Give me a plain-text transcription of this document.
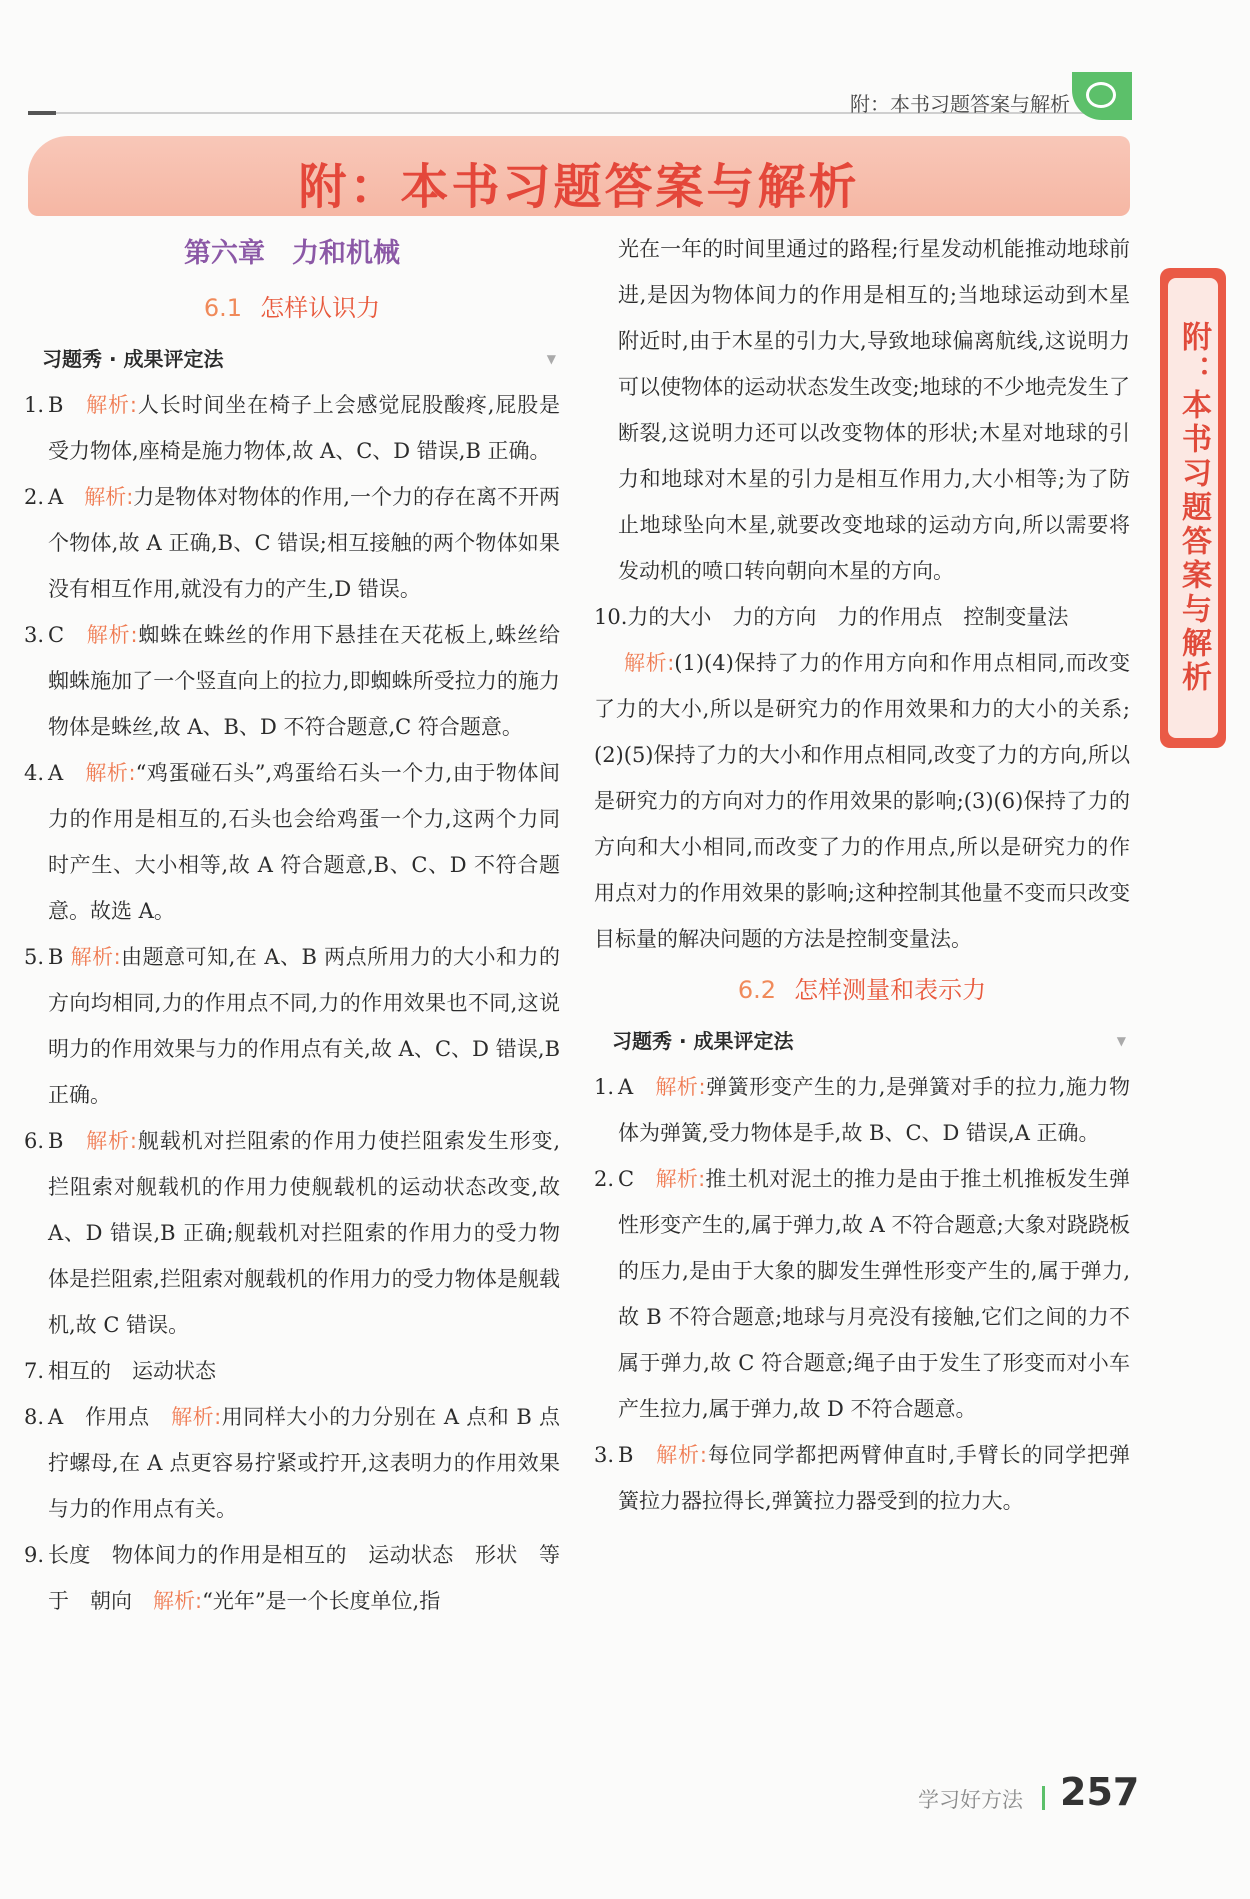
附：本书习题答案与解析
附：本书习题答案与解析
第六章　力和机械
6.1 怎样认识力
习题秀 · 成果评定法 ▼
1. B　 解析:人长时间坐在椅子上会感觉屁股酸疼,屁股是受力物体,座椅是施力物体,故 A、C、D 错误,B 正确。
2. A　 解析:力是物体对物体的作用,一个力的存在离不开两个物体,故 A 正确,B、C 错误;相互接触的两个物体如果没有相互作用,就没有力的产生,D 错误。
3. C　 解析:蜘蛛在蛛丝的作用下悬挂在天花板上,蛛丝给蜘蛛施加了一个竖直向上的拉力,即蜘蛛所受拉力的施力物体是蛛丝,故 A、B、D 不符合题意,C 符合题意。
4. A　 解析:“鸡蛋碰石头”,鸡蛋给石头一个力,由于物体间力的作用是相互的,石头也会给鸡蛋一个力,这两个力同时产生、大小相等,故 A 符合题意,B、C、D 不符合题意。故选 A。
5. B 解析:由题意可知,在 A、B 两点所用力的大小和力的方向均相同,力的作用点不同,力的作用效果也不同,这说明力的作用效果与力的作用点有关,故 A、C、D 错误,B 正确。
6. B　 解析:舰载机对拦阻索的作用力使拦阻索发生形变,拦阻索对舰载机的作用力使舰载机的运动状态改变,故 A、D 错误,B 正确;舰载机对拦阻索的作用力的受力物体是拦阻索,拦阻索对舰载机的作用力的受力物体是舰载机,故 C 错误。
7. 相互的　运动状态
8. A　作用点　 解析:用同样大小的力分别在 A 点和 B 点拧螺母,在 A 点更容易拧紧或拧开,这表明力的作用效果与力的作用点有关。
9. 长度　物体间力的作用是相互的　运动状态　形状　等于　朝向　 解析:“光年”是一个长度单位,指
光在一年的时间里通过的路程;行星发动机能推动地球前进,是因为物体间力的作用是相互的;当地球运动到木星附近时,由于木星的引力大,导致地球偏离航线,这说明力可以使物体的运动状态发生改变;地球的不少地壳发生了断裂,这说明力还可以改变物体的形状;木星对地球的引力和地球对木星的引力是相互作用力,大小相等;为了防止地球坠向木星,就要改变地球的运动方向,所以需要将发动机的喷口转向朝向木星的方向。
10.力的大小　力的方向　力的作用点　控制变量法
解析:(1)(4)保持了力的作用方向和作用点相同,而改变了力的大小,所以是研究力的作用效果和力的大小的关系;(2)(5)保持了力的大小和作用点相同,改变了力的方向,所以是研究力的方向对力的作用效果的影响;(3)(6)保持了力的方向和大小相同,而改变了力的作用点,所以是研究力的作用点对力的作用效果的影响;这种控制其他量不变而只改变目标量的解决问题的方法是控制变量法。
6.2 怎样测量和表示力
习题秀 · 成果评定法 ▼
1. A　 解析:弹簧形变产生的力,是弹簧对手的拉力,施力物体为弹簧,受力物体是手,故 B、C、D 错误,A 正确。
2. C　 解析:推土机对泥土的推力是由于推土机推板发生弹性形变产生的,属于弹力,故 A 不符合题意;大象对跷跷板的压力,是由于大象的脚发生弹性形变产生的,属于弹力,故 B 不符合题意;地球与月亮没有接触,它们之间的力不属于弹力,故 C 符合题意;绳子由于发生了形变而对小车产生拉力,属于弹力,故 D 不符合题意。
3. B　 解析:每位同学都把两臂伸直时,手臂长的同学把弹簧拉力器拉得长,弹簧拉力器受到的拉力大。
附：本书习题答案与解析
学习好方法 257
